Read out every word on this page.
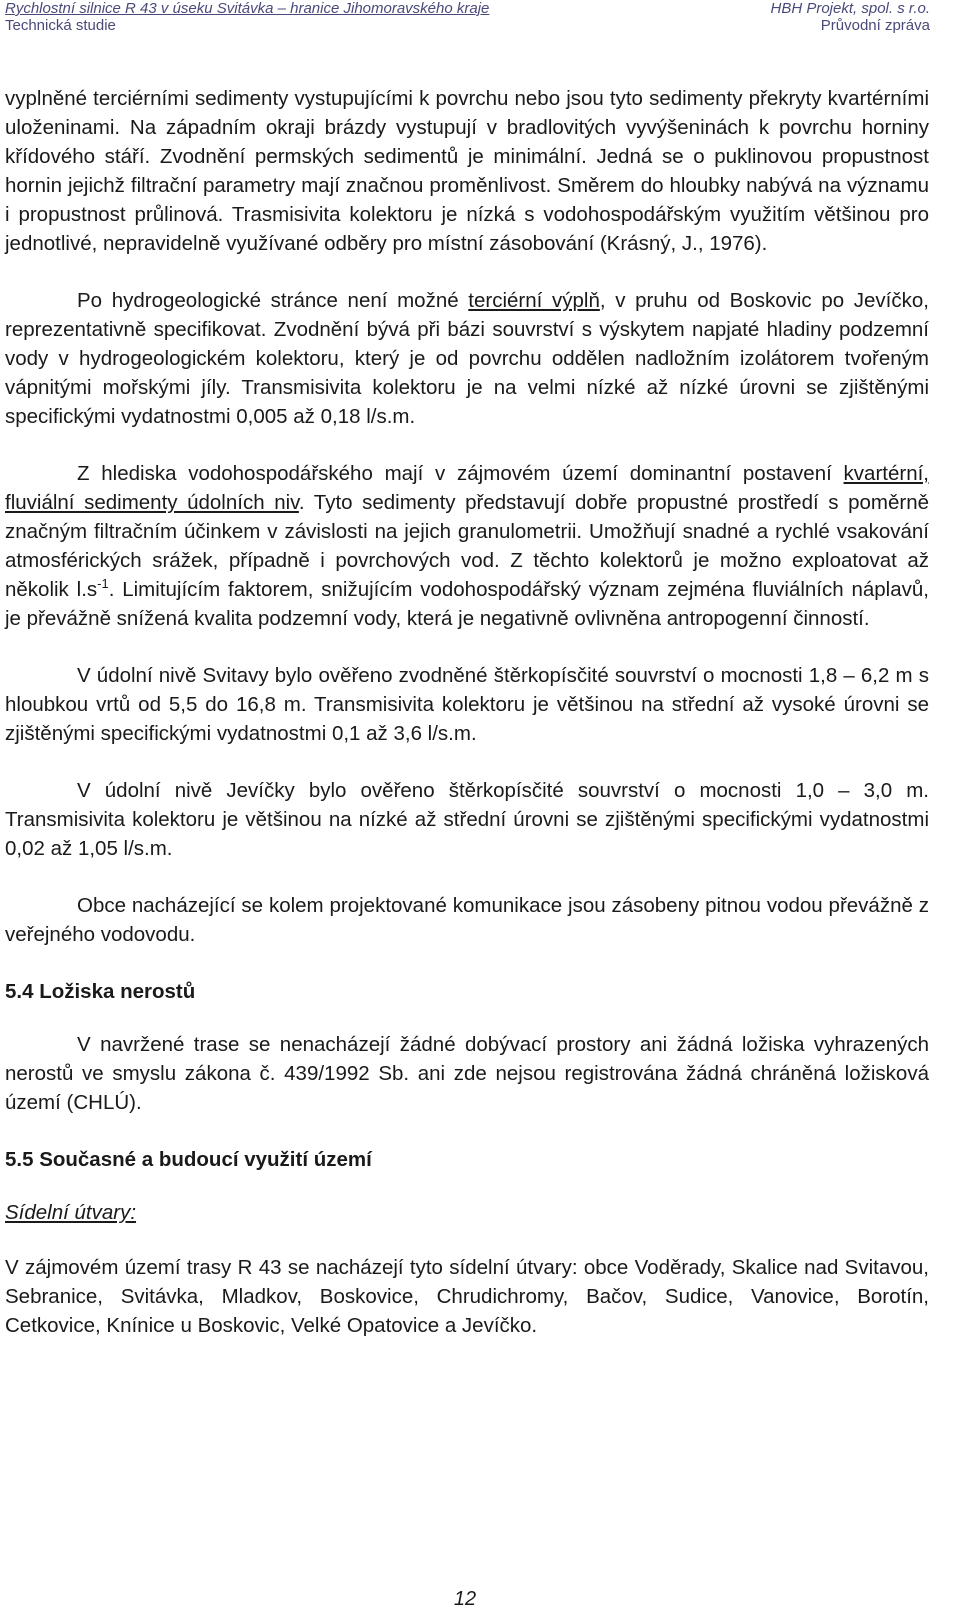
Rychlostní silnice R 43 v úseku Svitávka – hranice Jihomoravského kraje	HBH Projekt, spol. s r.o.
Technická studie	Průvodní zpráva

vyplněné terciérními sedimenty vystupujícími k povrchu nebo jsou tyto sedimenty překryty kvartérními uloženinami. Na západním okraji brázdy vystupují v bradlovitých vyvýšeninách k povrchu horniny křídového stáří. Zvodnění permských sedimentů je minimální. Jedná se o puklinovou propustnost hornin jejichž filtrační parametry mají značnou proměnlivost. Směrem do hloubky nabývá na významu i propustnost průlinová. Trasmisivita kolektoru je nízká s vodohospodářským využitím většinou pro jednotlivé, nepravidelně využívané odběry pro místní zásobování (Krásný, J., 1976).

Po hydrogeologické stránce není možné terciérní výplň, v pruhu od Boskovic po Jevíčko, reprezentativně specifikovat. Zvodnění bývá při bázi souvrství s výskytem napjaté hladiny podzemní vody v hydrogeologickém kolektoru, který je od povrchu oddělen nadložním izolátorem tvořeným vápnitými mořskými jíly. Transmisivita kolektoru je na velmi nízké až nízké úrovni se zjištěnými specifickými vydatnostmi 0,005 až 0,18 l/s.m.

Z hlediska vodohospodářského mají v zájmovém území dominantní postavení kvartérní, fluviální sedimenty údolních niv. Tyto sedimenty představují dobře propustné prostředí s poměrně značným filtračním účinkem v závislosti na jejich granulometrii. Umožňují snadné a rychlé vsakování atmosférických srážek, případně i povrchových vod. Z těchto kolektorů je možno exploatovat až několik $l.s^{-1}$. Limitujícím faktorem, snižujícím vodohospodářský význam zejména fluviálních náplavů, je převážně snížená kvalita podzemní vody, která je negativně ovlivněna antropogenní činností.

V údolní nivě Svitavy bylo ověřeno zvodněné štěrkopísčité souvrství o mocnosti 1,8 – 6,2 m s hloubkou vrtů od 5,5 do 16,8 m. Transmisivita kolektoru je většinou na střední až vysoké úrovni se zjištěnými specifickými vydatnostmi 0,1 až 3,6 l/s.m.

V údolní nivě Jevíčky bylo ověřeno štěrkopísčité souvrství o mocnosti 1,0 – 3,0 m. Transmisivita kolektoru je většinou na nízké až střední úrovni se zjištěnými specifickými vydatnostmi 0,02 až 1,05 l/s.m.

Obce nacházející se kolem projektované komunikace jsou zásobeny pitnou vodou převážně z veřejného vodovodu.

5.4 Ložiska nerostů

V navržené trase se nenacházejí žádné dobývací prostory ani žádná ložiska vyhrazených nerostů ve smyslu zákona č. 439/1992 Sb. ani zde nejsou registrována žádná chráněná ložisková území (CHLÚ).

5.5 Současné a budoucí využití území
Sídelní útvary:

V zájmovém území trasy R 43 se nacházejí tyto sídelní útvary: obce Voděrady, Skalice nad Svitavou, Sebranice, Svitávka, Mladkov, Boskovice, Chrudichromy, Bačov, Sudice, Vanovice, Borotín, Cetkovice, Knínice u Boskovic, Velké Opatovice a Jevíčko.

12
